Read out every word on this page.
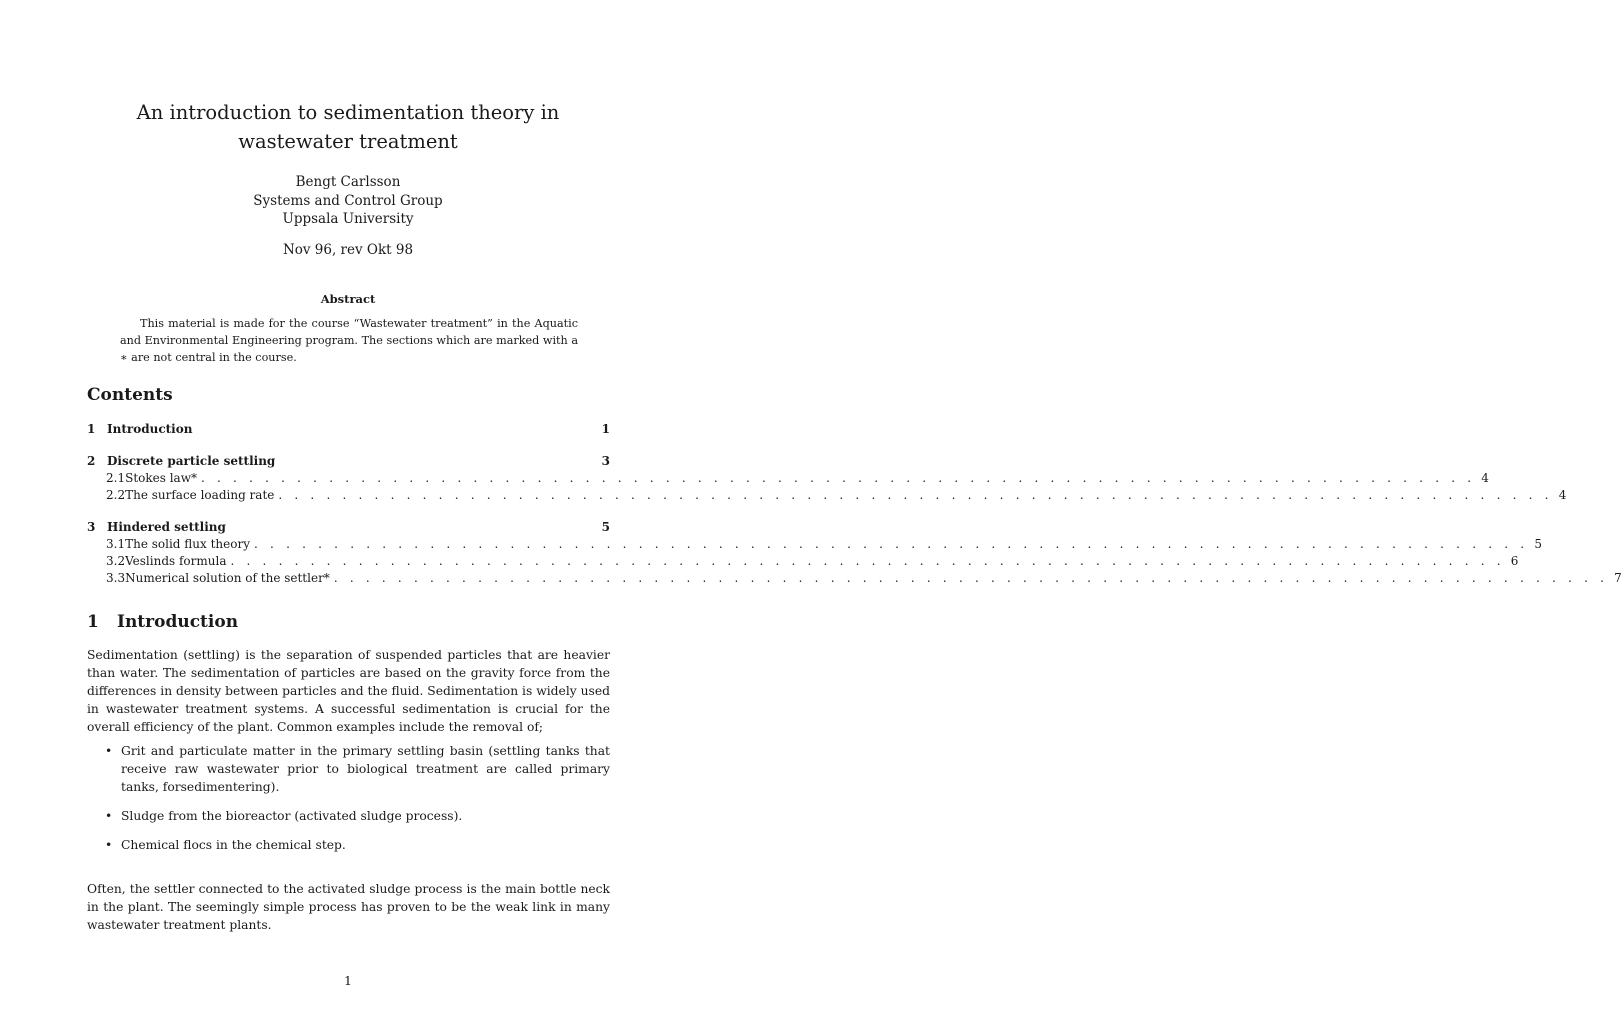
An introduction to sedimentation theory in wastewater treatment
Bengt Carlsson
Systems and Control Group
Uppsala University
Nov 96, rev Okt 98
Abstract

This material is made for the course “Wastewater treatment” in the Aquatic and Environmental Engineering program. The sections which are marked with a ∗ are not central in the course.

Contents
1 Introduction	1
2 Discrete particle settling	3
2.1 Stokes law* . . . . . . . . . . . . . . . . . . . . . . . . . . . . . . . . . . . . . . . . . . . . . . . . . . . . . . . . . . . . . . . . . . . . . . . . . . . . . . . . 4
2.2 The surface loading rate . . . . . . . . . . . . . . . . . . . . . . . . . . . . . . . . . . . . . . . . . . . . . . . . . . . . . . . . . . . . . . . . . . . . . . . . . . . . . . . . 4
3 Hindered settling	5
3.1 The solid flux theory . . . . . . . . . . . . . . . . . . . . . . . . . . . . . . . . . . . . . . . . . . . . . . . . . . . . . . . . . . . . . . . . . . . . . . . . . . . . . . . . 5
3.2 Veslinds formula . . . . . . . . . . . . . . . . . . . . . . . . . . . . . . . . . . . . . . . . . . . . . . . . . . . . . . . . . . . . . . . . . . . . . . . . . . . . . . . . 6
3.3 Numerical solution of the settler* . . . . . . . . . . . . . . . . . . . . . . . . . . . . . . . . . . . . . . . . . . . . . . . . . . . . . . . . . . . . . . . . . . . . . . . . . . . . . . . . 7
1 Introduction

Sedimentation (settling) is the separation of suspended particles that are heavier than water. The sedimentation of particles are based on the gravity force from the differences in density between particles and the fluid. Sedimentation is widely used in wastewater treatment systems. A successful sedimentation is crucial for the overall efficiency of the plant. Common examples include the removal of;

• Grit and particulate matter in the primary settling basin (settling tanks that receive raw wastewater prior to biological treatment are called primary tanks, forsedimentering).
• Sludge from the bioreactor (activated sludge process).
• Chemical flocs in the chemical step.

Often, the settler connected to the activated sludge process is the main bottle neck in the plant. The seemingly simple process has proven to be the weak link in many wastewater treatment plants.

1
